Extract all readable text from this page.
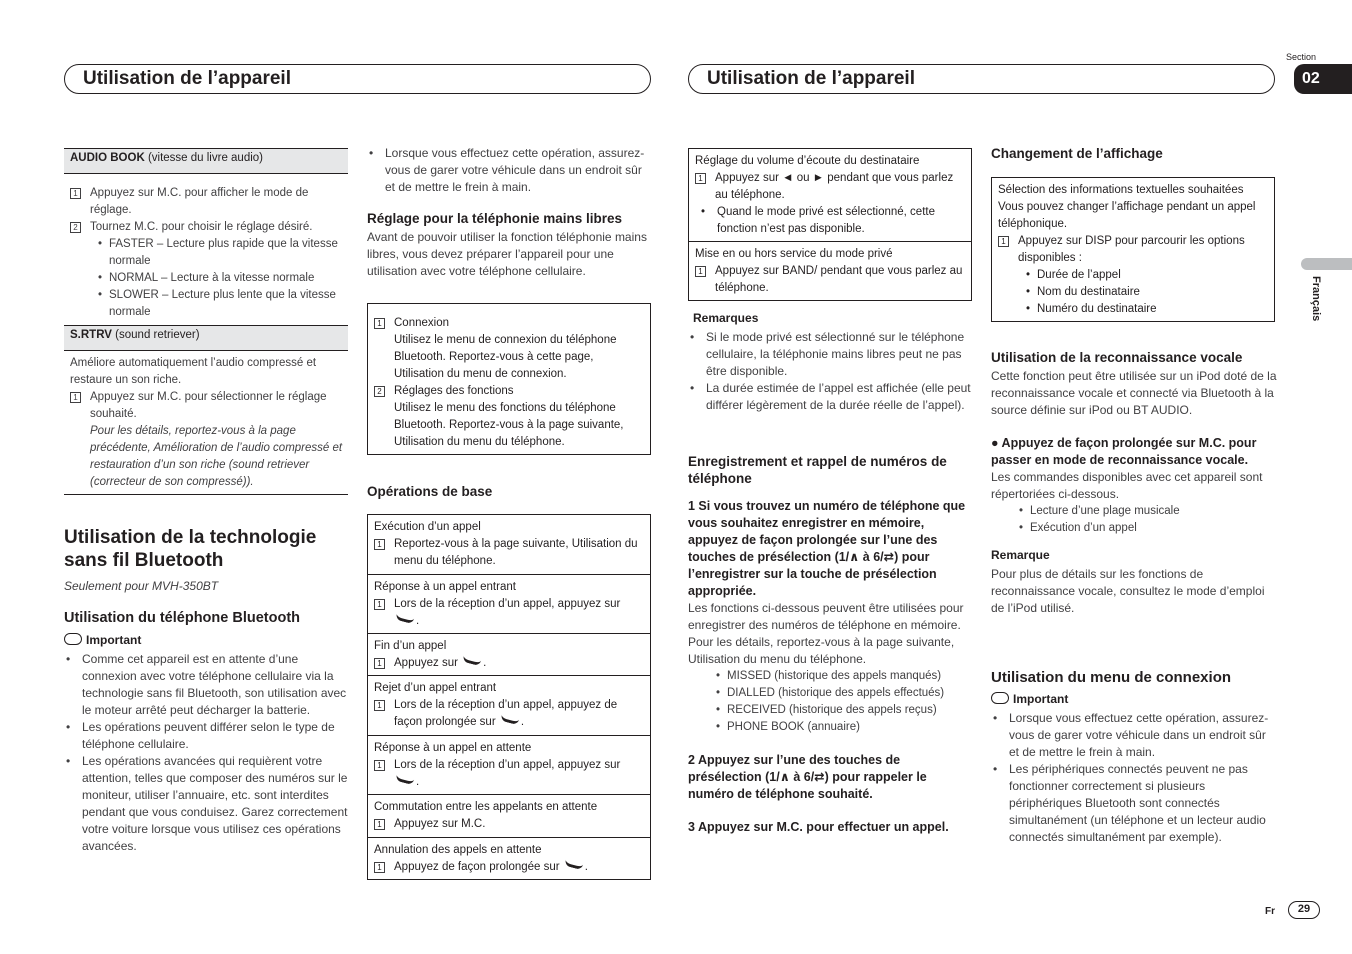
Utilisation de l’appareil	Utilisation de l’appareil
Section
02
Français
AUDIO BOOK (vitesse du livre audio)
1 Appuyez sur M.C. pour afficher le mode de réglage.
2 Tournez M.C. pour choisir le réglage désiré.
• FASTER – Lecture plus rapide que la vitesse normale
• NORMAL – Lecture à la vitesse normale
• SLOWER – Lecture plus lente que la vitesse normale
S.RTRV (sound retriever)
Améliore automatiquement l’audio compressé et restaure un son riche.
1 Appuyez sur M.C. pour sélectionner le réglage souhaité.
Pour les détails, reportez-vous à la page précédente, Amélioration de l’audio compressé et restauration d’un son riche (sound retriever (correcteur de son compressé)).
Utilisation de la technologie sans fil Bluetooth
Seulement pour MVH-350BT
Utilisation du téléphone Bluetooth
Important
• Comme cet appareil est en attente d’une connexion avec votre téléphone cellulaire via la technologie sans fil Bluetooth, son utilisation avec le moteur arrêté peut décharger la batterie.
• Les opérations peuvent différer selon le type de téléphone cellulaire.
• Les opérations avancées qui requièrent votre attention, telles que composer des numéros sur le moniteur, utiliser l’annuaire, etc. sont interdites pendant que vous conduisez. Garez correctement votre voiture lorsque vous utilisez ces opérations avancées.
• Lorsque vous effectuez cette opération, assurez-vous de garer votre véhicule dans un endroit sûr et de mettre le frein à main.
Réglage pour la téléphonie mains libres
Avant de pouvoir utiliser la fonction téléphonie mains libres, vous devez préparer l’appareil pour une utilisation avec votre téléphone cellulaire.
1 Connexion
Utilisez le menu de connexion du téléphone Bluetooth. Reportez-vous à cette page, Utilisation du menu de connexion.
2 Réglages des fonctions
Utilisez le menu des fonctions du téléphone Bluetooth. Reportez-vous à la page suivante, Utilisation du menu du téléphone.
Opérations de base
Exécution d’un appel
1 Reportez-vous à la page suivante, Utilisation du menu du téléphone.
Réponse à un appel entrant
1 Lors de la réception d’un appel, appuyez sur .
Fin d’un appel
1 Appuyez sur .
Rejet d’un appel entrant
1 Lors de la réception d’un appel, appuyez de façon prolongée sur .
Réponse à un appel en attente
1 Lors de la réception d’un appel, appuyez sur .
Commutation entre les appelants en attente
1 Appuyez sur M.C.
Annulation des appels en attente
1 Appuyez de façon prolongée sur .
Réglage du volume d’écoute du destinataire
1 Appuyez sur ◄ ou ► pendant que vous parlez au téléphone.
• Quand le mode privé est sélectionné, cette fonction n’est pas disponible.
Mise en ou hors service du mode privé
1 Appuyez sur BAND/ pendant que vous parlez au téléphone.
Remarques
• Si le mode privé est sélectionné sur le téléphone cellulaire, la téléphonie mains libres peut ne pas être disponible.
• La durée estimée de l’appel est affichée (elle peut différer légèrement de la durée réelle de l’appel).
Enregistrement et rappel de numéros de téléphone
1 Si vous trouvez un numéro de téléphone que vous souhaitez enregistrer en mémoire, appuyez de façon prolongée sur l’une des touches de présélection (1/∧ à 6/⇄) pour l’enregistrer sur la touche de présélection appropriée.
Les fonctions ci-dessous peuvent être utilisées pour enregistrer des numéros de téléphone en mémoire. Pour les détails, reportez-vous à la page suivante, Utilisation du menu du téléphone.
• MISSED (historique des appels manqués)
• DIALLED (historique des appels effectués)
• RECEIVED (historique des appels reçus)
• PHONE BOOK (annuaire)
2 Appuyez sur l’une des touches de présélection (1/∧ à 6/⇄) pour rappeler le numéro de téléphone souhaité.
3 Appuyez sur M.C. pour effectuer un appel.
Changement de l’affichage
Sélection des informations textuelles souhaitées Vous pouvez changer l’affichage pendant un appel téléphonique.
1 Appuyez sur DISP pour parcourir les options disponibles :
• Durée de l’appel
• Nom du destinataire
• Numéro du destinataire
Utilisation de la reconnaissance vocale
Cette fonction peut être utilisée sur un iPod doté de la reconnaissance vocale et connecté via Bluetooth à la source définie sur iPod ou BT AUDIO.
● Appuyez de façon prolongée sur M.C. pour passer en mode de reconnaissance vocale.
Les commandes disponibles avec cet appareil sont répertoriées ci-dessous.
• Lecture d’une plage musicale
• Exécution d’un appel
Remarque
Pour plus de détails sur les fonctions de reconnaissance vocale, consultez le mode d’emploi de l’iPod utilisé.
Utilisation du menu de connexion
Important
• Lorsque vous effectuez cette opération, assurez-vous de garer votre véhicule dans un endroit sûr et de mettre le frein à main.
• Les périphériques connectés peuvent ne pas fonctionner correctement si plusieurs périphériques Bluetooth sont connectés simultanément (un téléphone et un lecteur audio connectés simultanément par exemple).
Fr	29
